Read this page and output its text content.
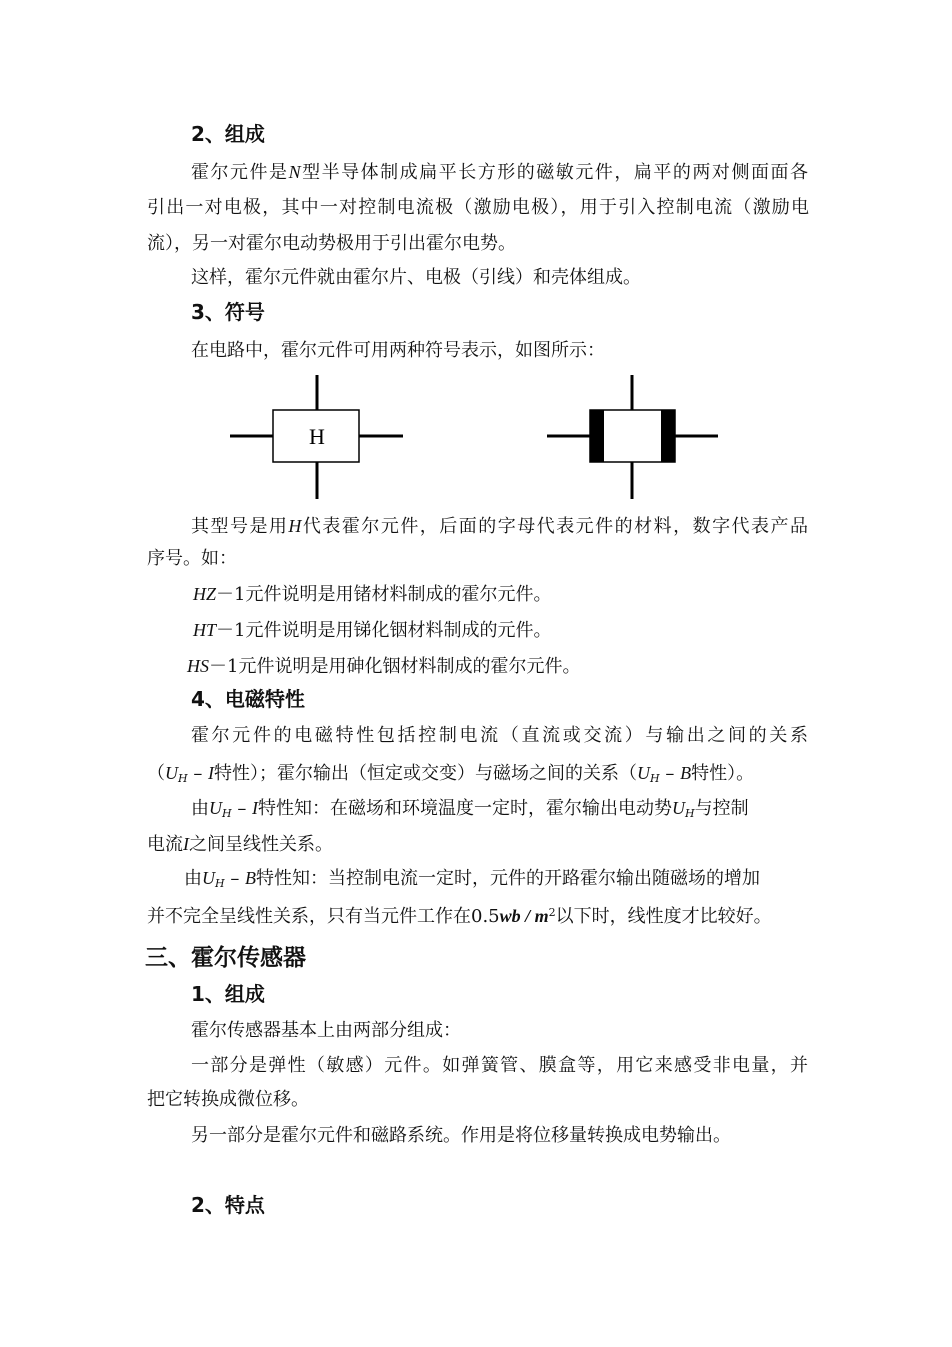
2、组成
霍尔元件是N型半导体制成扁平长方形的磁敏元件，扁平的两对侧面面各
引出一对电极，其中一对控制电流极（激励电极），用于引入控制电流（激励电
流），另一对霍尔电动势极用于引出霍尔电势。
这样，霍尔元件就由霍尔片、电极（引线）和壳体组成。
3、符号
在电路中，霍尔元件可用两种符号表示，如图所示：
H
其型号是用H代表霍尔元件，后面的字母代表元件的材料，数字代表产品
序号。如：
HZ－1元件说明是用锗材料制成的霍尔元件。
HT－1元件说明是用锑化铟材料制成的元件。
HS－1元件说明是用砷化铟材料制成的霍尔元件。
4、电磁特性
霍尔元件的电磁特性包括控制电流（直流或交流）与输出之间的关系
（$U_H$ – I特性）；霍尔输出（恒定或交变）与磁场之间的关系（$U_H$ – B特性）。
由$U_H$ – I特性知：在磁场和环境温度一定时，霍尔输出电动势$U_H$与控制
电流I之间呈线性关系。
由$U_H$ – B特性知：当控制电流一定时，元件的开路霍尔输出随磁场的增加
并不完全呈线性关系，只有当元件工作在$0.5wb / m^2$以下时，线性度才比较好。
三、霍尔传感器
1、组成
霍尔传感器基本上由两部分组成：
一部分是弹性（敏感）元件。如弹簧管、膜盒等，用它来感受非电量，并
把它转换成微位移。
另一部分是霍尔元件和磁路系统。作用是将位移量转换成电势输出。
2、特点
